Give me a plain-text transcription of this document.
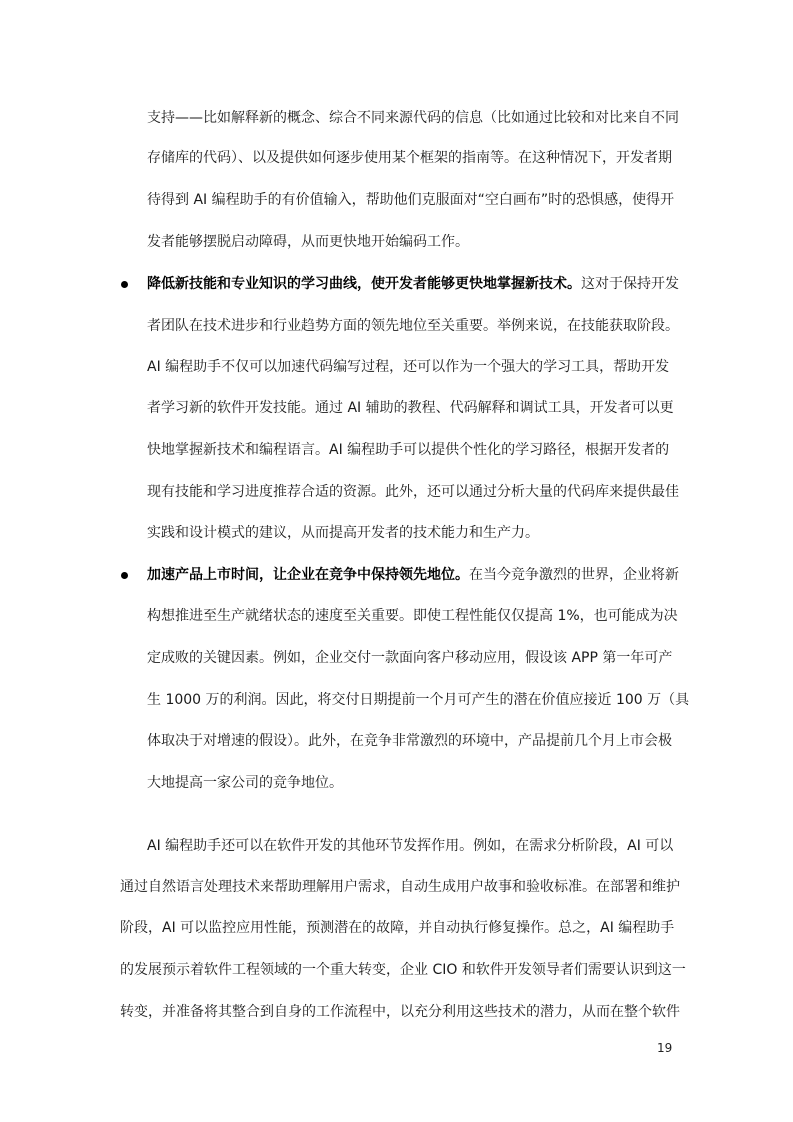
支持——比如解释新的概念、综合不同来源代码的信息（比如通过比较和对比来自不同
存储库的代码）、以及提供如何逐步使用某个框架的指南等。在这种情况下，开发者期
待得到 AI 编程助手的有价值输入，帮助他们克服面对“空白画布”时的恐惧感，使得开
发者能够摆脱启动障碍，从而更快地开始编码工作。
降低新技能和专业知识的学习曲线，使开发者能够更快地掌握新技术。这对于保持开发
者团队在技术进步和行业趋势方面的领先地位至关重要。举例来说，在技能获取阶段。
AI 编程助手不仅可以加速代码编写过程，还可以作为一个强大的学习工具，帮助开发
者学习新的软件开发技能。通过 AI 辅助的教程、代码解释和调试工具，开发者可以更
快地掌握新技术和编程语言。AI 编程助手可以提供个性化的学习路径，根据开发者的
现有技能和学习进度推荐合适的资源。此外，还可以通过分析大量的代码库来提供最佳
实践和设计模式的建议，从而提高开发者的技术能力和生产力。
加速产品上市时间，让企业在竞争中保持领先地位。在当今竞争激烈的世界，企业将新
构想推进至生产就绪状态的速度至关重要。即使工程性能仅仅提高 1%，也可能成为决
定成败的关键因素。例如，企业交付一款面向客户移动应用，假设该 APP 第一年可产
生 1000 万的利润。因此，将交付日期提前一个月可产生的潜在价值应接近 100 万（具
体取决于对增速的假设）。此外，在竞争非常激烈的环境中，产品提前几个月上市会极
大地提高一家公司的竞争地位。
AI 编程助手还可以在软件开发的其他环节发挥作用。例如，在需求分析阶段，AI 可以
通过自然语言处理技术来帮助理解用户需求，自动生成用户故事和验收标准。在部署和维护
阶段，AI 可以监控应用性能，预测潜在的故障，并自动执行修复操作。总之，AI 编程助手
的发展预示着软件工程领域的一个重大转变，企业 CIO 和软件开发领导者们需要认识到这一
转变，并准备将其整合到自身的工作流程中，以充分利用这些技术的潜力，从而在整个软件
19
